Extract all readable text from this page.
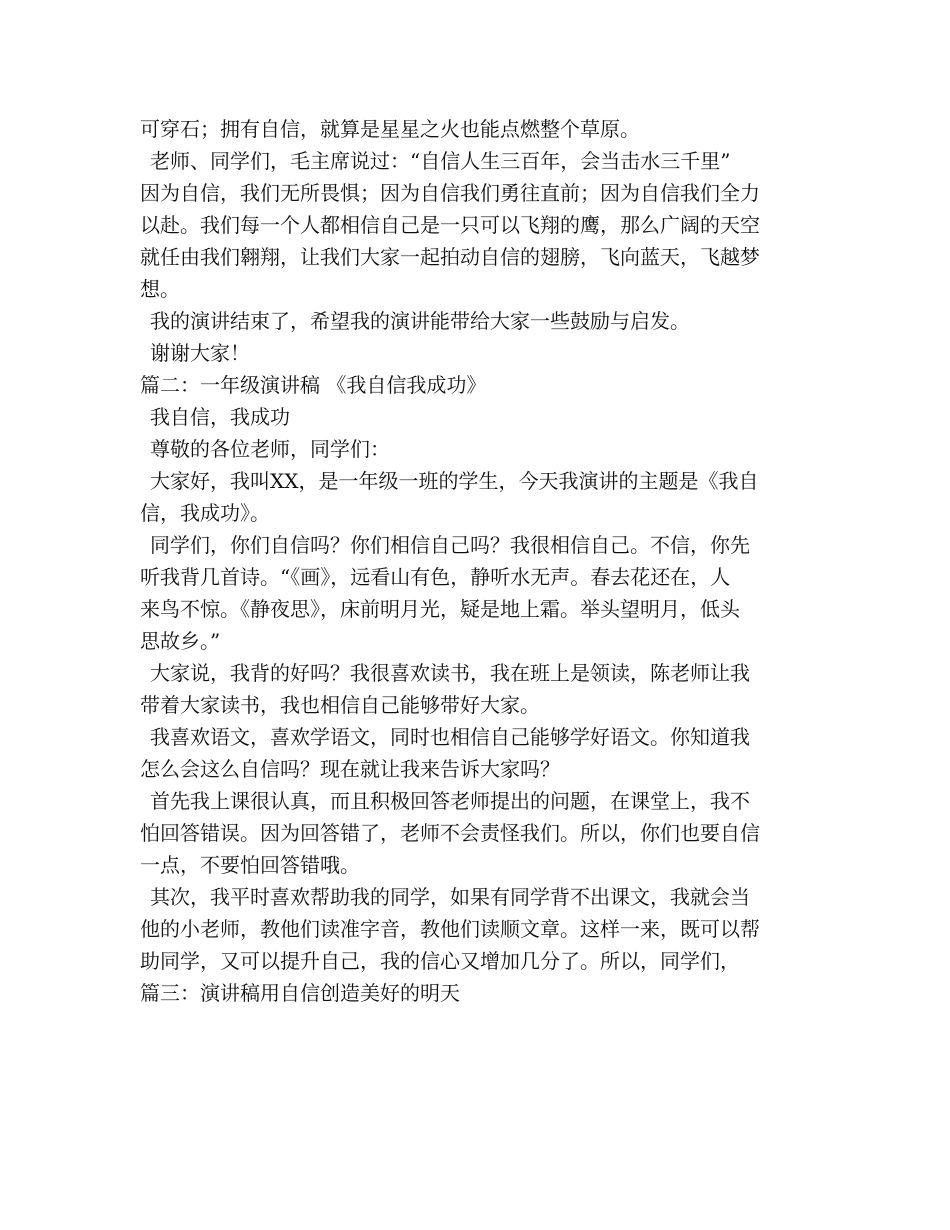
可穿石；拥有自信，就算是星星之火也能点燃整个草原。
老师、同学们，毛主席说过：“自信人生三百年，会当击水三千里”
因为自信，我们无所畏惧；因为自信我们勇往直前；因为自信我们全力
以赴。我们每一个人都相信自己是一只可以飞翔的鹰，那么广阔的天空
就任由我们翱翔，让我们大家一起拍动自信的翅膀，飞向蓝天，飞越梦
想。
我的演讲结束了，希望我的演讲能带给大家一些鼓励与启发。
谢谢大家！
篇二：一年级演讲稿 《我自信我成功》
我自信，我成功
尊敬的各位老师，同学们：
大家好，我叫XX，是一年级一班的学生，今天我演讲的主题是《我自
信，我成功》。
同学们，你们自信吗？你们相信自己吗？我很相信自己。不信，你先
听我背几首诗。“《画》，远看山有色，静听水无声。春去花还在，人
来鸟不惊。《静夜思》，床前明月光，疑是地上霜。举头望明月，低头
思故乡。”
大家说，我背的好吗？我很喜欢读书，我在班上是领读，陈老师让我
带着大家读书，我也相信自己能够带好大家。
我喜欢语文，喜欢学语文，同时也相信自己能够学好语文。你知道我
怎么会这么自信吗？现在就让我来告诉大家吗？
首先我上课很认真，而且积极回答老师提出的问题，在课堂上，我不
怕回答错误。因为回答错了，老师不会责怪我们。所以，你们也要自信
一点，不要怕回答错哦。
其次，我平时喜欢帮助我的同学，如果有同学背不出课文，我就会当
他的小老师，教他们读准字音，教他们读顺文章。这样一来，既可以帮
助同学，又可以提升自己，我的信心又增加几分了。所以，同学们，
篇三：演讲稿用自信创造美好的明天
